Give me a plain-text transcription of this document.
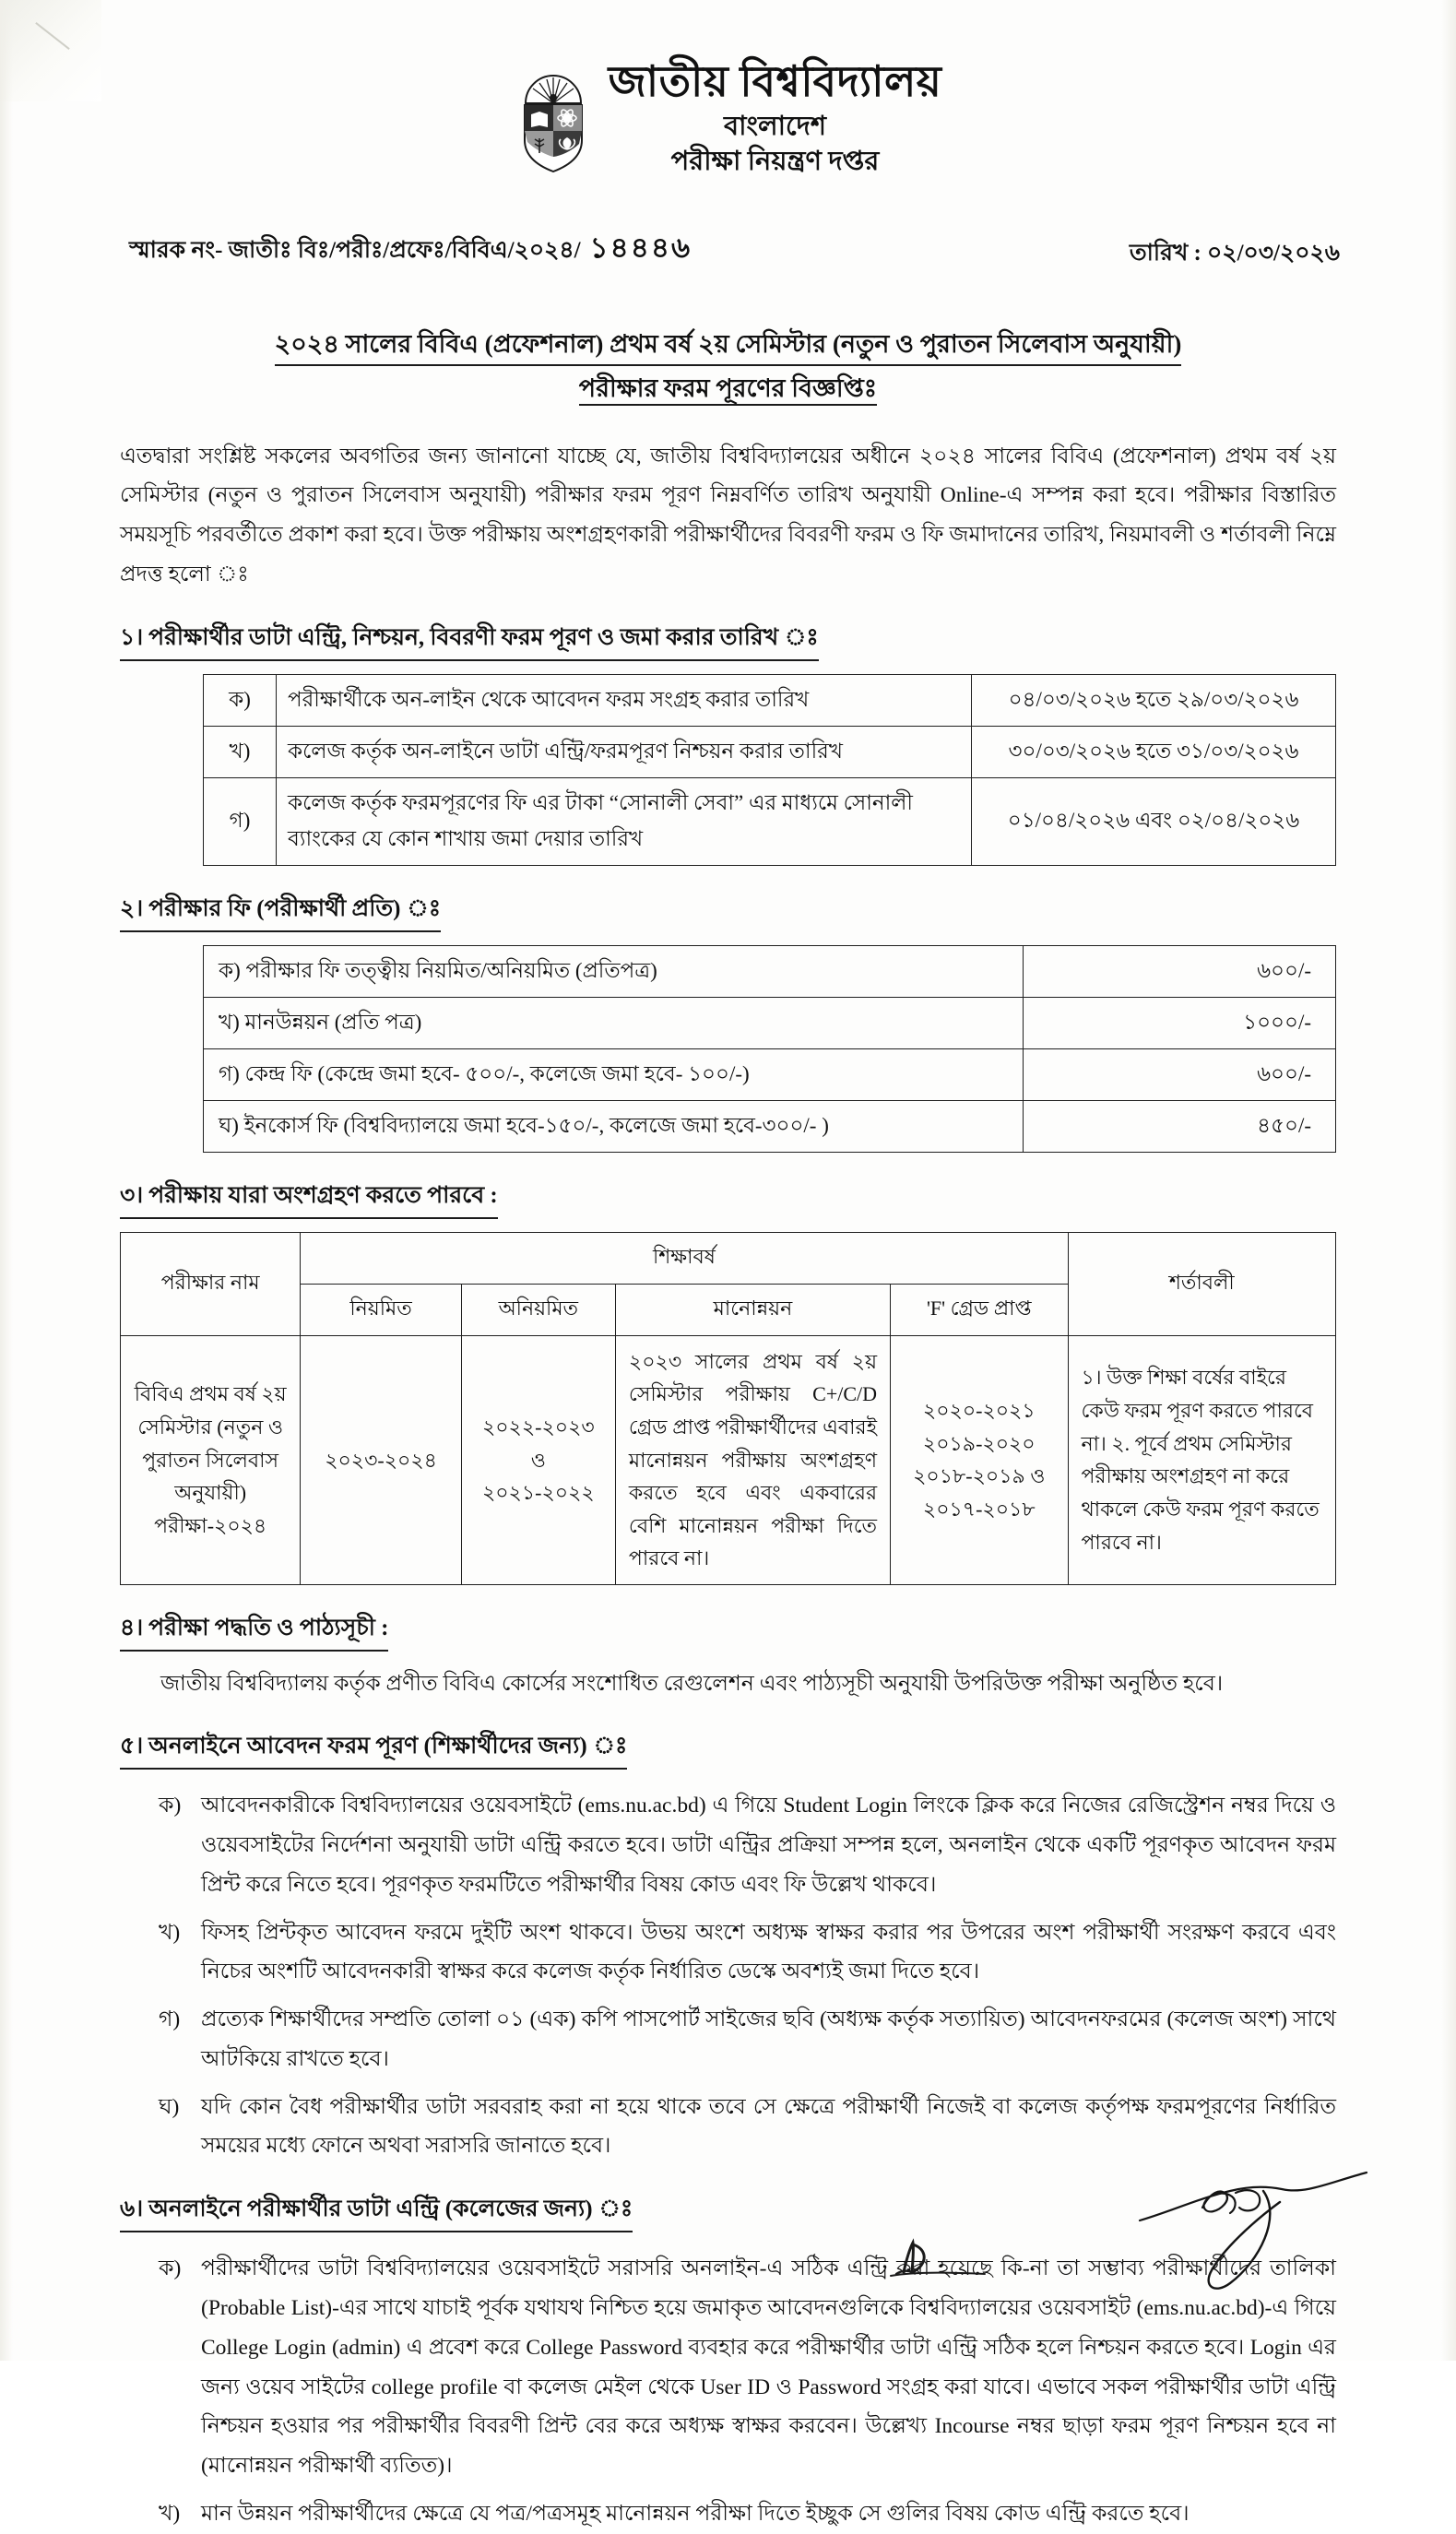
জাতীয় বিশ্ববিদ্যালয়
বাংলাদেশ
পরীক্ষা নিয়ন্ত্রণ দপ্তর
স্মারক নং- জাতীঃ বিঃ/পরীঃ/প্রফেঃ/বিবিএ/২০২৪/ ১৪৪৪৬	তারিখ : ০২/০৩/২০২৬
২০২৪ সালের বিবিএ (প্রফেশনাল) প্রথম বর্ষ ২য় সেমিস্টার (নতুন ও পুরাতন সিলেবাস অনুযায়ী)
পরীক্ষার ফরম পূরণের বিজ্ঞপ্তিঃ
এতদ্বারা সংশ্লিষ্ট সকলের অবগতির জন্য জানানো যাচ্ছে যে, জাতীয় বিশ্ববিদ্যালয়ের অধীনে ২০২৪ সালের বিবিএ (প্রফেশনাল) প্রথম বর্ষ ২য় সেমিস্টার (নতুন ও পুরাতন সিলেবাস অনুযায়ী) পরীক্ষার ফরম পূরণ নিম্নবর্ণিত তারিখ অনুযায়ী Online-এ সম্পন্ন করা হবে। পরীক্ষার বিস্তারিত সময়সূচি পরবর্তীতে প্রকাশ করা হবে। উক্ত পরীক্ষায় অংশগ্রহণকারী পরীক্ষার্থীদের বিবরণী ফরম ও ফি জমাদানের তারিখ, নিয়মাবলী ও শর্তাবলী নিম্নে প্রদত্ত হলো ঃ
১। পরীক্ষার্থীর ডাটা এন্ট্রি, নিশ্চয়ন, বিবরণী ফরম পূরণ ও জমা করার তারিখ ঃ
ক)	পরীক্ষার্থীকে অন-লাইন থেকে আবেদন ফরম সংগ্রহ করার তারিখ	০৪/০৩/২০২৬ হতে ২৯/০৩/২০২৬
খ)	কলেজ কর্তৃক অন-লাইনে ডাটা এন্ট্রি/ফরমপূরণ নিশ্চয়ন করার তারিখ	৩০/০৩/২০২৬ হতে ৩১/০৩/২০২৬
গ)	কলেজ কর্তৃক ফরমপূরণের ফি এর টাকা “সোনালী সেবা” এর মাধ্যমে সোনালী ব্যাংকের যে কোন শাখায় জমা দেয়ার তারিখ	০১/০৪/২০২৬ এবং ০২/০৪/২০২৬
২। পরীক্ষার ফি (পরীক্ষার্থী প্রতি) ঃ
ক) পরীক্ষার ফি তত্ত্বীয় নিয়মিত/অনিয়মিত (প্রতিপত্র)	৬০০/-
খ) মানউন্নয়ন (প্রতি পত্র)	১০০০/-
গ) কেন্দ্র ফি (কেন্দ্রে জমা হবে- ৫০০/-, কলেজে জমা হবে- ১০০/-)	৬০০/-
ঘ) ইনকোর্স ফি (বিশ্ববিদ্যালয়ে জমা হবে-১৫০/-, কলেজে জমা হবে-৩০০/- )	৪৫০/-
৩। পরীক্ষায় যারা অংশগ্রহণ করতে পারবে :
পরীক্ষার নাম	শিক্ষাবর্ষ				শর্তাবলী
	নিয়মিত	অনিয়মিত	মানোন্নয়ন	'F' গ্রেড প্রাপ্ত	
বিবিএ প্রথম বর্ষ ২য় সেমিস্টার (নতুন ও পুরাতন সিলেবাস অনুযায়ী) পরীক্ষা-২০২৪	২০২৩-২০২৪	২০২২-২০২৩ ও ২০২১-২০২২	২০২৩ সালের প্রথম বর্ষ ২য় সেমিস্টার পরীক্ষায় C+/C/D গ্রেড প্রাপ্ত পরীক্ষার্থীদের এবারই মানোন্নয়ন পরীক্ষায় অংশগ্রহণ করতে হবে এবং একবারের বেশি মানোন্নয়ন পরীক্ষা দিতে পারবে না।	২০২০-২০২১ ২০১৯-২০২০ ২০১৮-২০১৯ ও ২০১৭-২০১৮	১। উক্ত শিক্ষা বর্ষের বাইরে কেউ ফরম পূরণ করতে পারবে না। ২. পূর্বে প্রথম সেমিস্টার পরীক্ষায় অংশগ্রহণ না করে থাকলে কেউ ফরম পূরণ করতে পারবে না।
৪। পরীক্ষা পদ্ধতি ও পাঠ্যসূচী :
জাতীয় বিশ্ববিদ্যালয় কর্তৃক প্রণীত বিবিএ কোর্সের সংশোধিত রেগুলেশন এবং পাঠ্যসূচী অনুযায়ী উপরিউক্ত পরীক্ষা অনুষ্ঠিত হবে।
৫। অনলাইনে আবেদন ফরম পূরণ (শিক্ষার্থীদের জন্য) ঃ
ক) আবেদনকারীকে বিশ্ববিদ্যালয়ের ওয়েবসাইটে (ems.nu.ac.bd) এ গিয়ে Student Login লিংকে ক্লিক করে নিজের রেজিস্ট্রেশন নম্বর দিয়ে ও ওয়েবসাইটের নির্দেশনা অনুযায়ী ডাটা এন্ট্রি করতে হবে। ডাটা এন্ট্রির প্রক্রিয়া সম্পন্ন হলে, অনলাইন থেকে একটি পূরণকৃত আবেদন ফরম প্রিন্ট করে নিতে হবে। পূরণকৃত ফরমটিতে পরীক্ষার্থীর বিষয় কোড এবং ফি উল্লেখ থাকবে।
খ) ফিসহ প্রিন্টকৃত আবেদন ফরমে দুইটি অংশ থাকবে। উভয় অংশে অধ্যক্ষ স্বাক্ষর করার পর উপরের অংশ পরীক্ষার্থী সংরক্ষণ করবে এবং নিচের অংশটি আবেদনকারী স্বাক্ষর করে কলেজ কর্তৃক নির্ধারিত ডেস্কে অবশ্যই জমা দিতে হবে।
গ) প্রত্যেক শিক্ষার্থীদের সম্প্রতি তোলা ০১ (এক) কপি পাসপোর্ট সাইজের ছবি (অধ্যক্ষ কর্তৃক সত্যায়িত) আবেদনফরমের (কলেজ অংশ) সাথে আটকিয়ে রাখতে হবে।
ঘ)	যদি কোন বৈধ পরীক্ষার্থীর ডাটা সরবরাহ করা না হয়ে থাকে তবে সে ক্ষেত্রে পরীক্ষার্থী নিজেই বা কলেজ কর্তৃপক্ষ ফরমপূরণের নির্ধারিত সময়ের মধ্যে ফোনে অথবা সরাসরি জানাতে হবে।
৬। অনলাইনে পরীক্ষার্থীর ডাটা এন্ট্রি (কলেজের জন্য) ঃ
ক) পরীক্ষার্থীদের ডাটা বিশ্ববিদ্যালয়ের ওয়েবসাইটে সরাসরি অনলাইন-এ সঠিক এন্ট্রি করা হয়েছে কি-না তা সম্ভাব্য পরীক্ষার্থীদের তালিকা (Probable List)-এর সাথে যাচাই পূর্বক যথাযথ নিশ্চিত হয়ে জমাকৃত আবেদনগুলিকে বিশ্ববিদ্যালয়ের ওয়েবসাইট (ems.nu.ac.bd)-এ গিয়ে College Login (admin) এ প্রবেশ করে College Password ব্যবহার করে পরীক্ষার্থীর ডাটা এন্ট্রি সঠিক হলে নিশ্চয়ন করতে হবে। Login এর জন্য ওয়েব সাইটের college profile বা কলেজ মেইল থেকে User ID ও Password সংগ্রহ করা যাবে। এভাবে সকল পরীক্ষার্থীর ডাটা এন্ট্রি নিশ্চয়ন হওয়ার পর পরীক্ষার্থীর বিবরণী প্রিন্ট বের করে অধ্যক্ষ স্বাক্ষর করবেন। উল্লেখ্য Incourse নম্বর ছাড়া ফরম পূরণ নিশ্চয়ন হবে না (মানোন্নয়ন পরীক্ষার্থী ব্যতিত)।
খ) মান উন্নয়ন পরীক্ষার্থীদের ক্ষেত্রে যে পত্র/পত্রসমূহ মানোন্নয়ন পরীক্ষা দিতে ইচ্ছুক সে গুলির বিষয় কোড এন্ট্রি করতে হবে।
